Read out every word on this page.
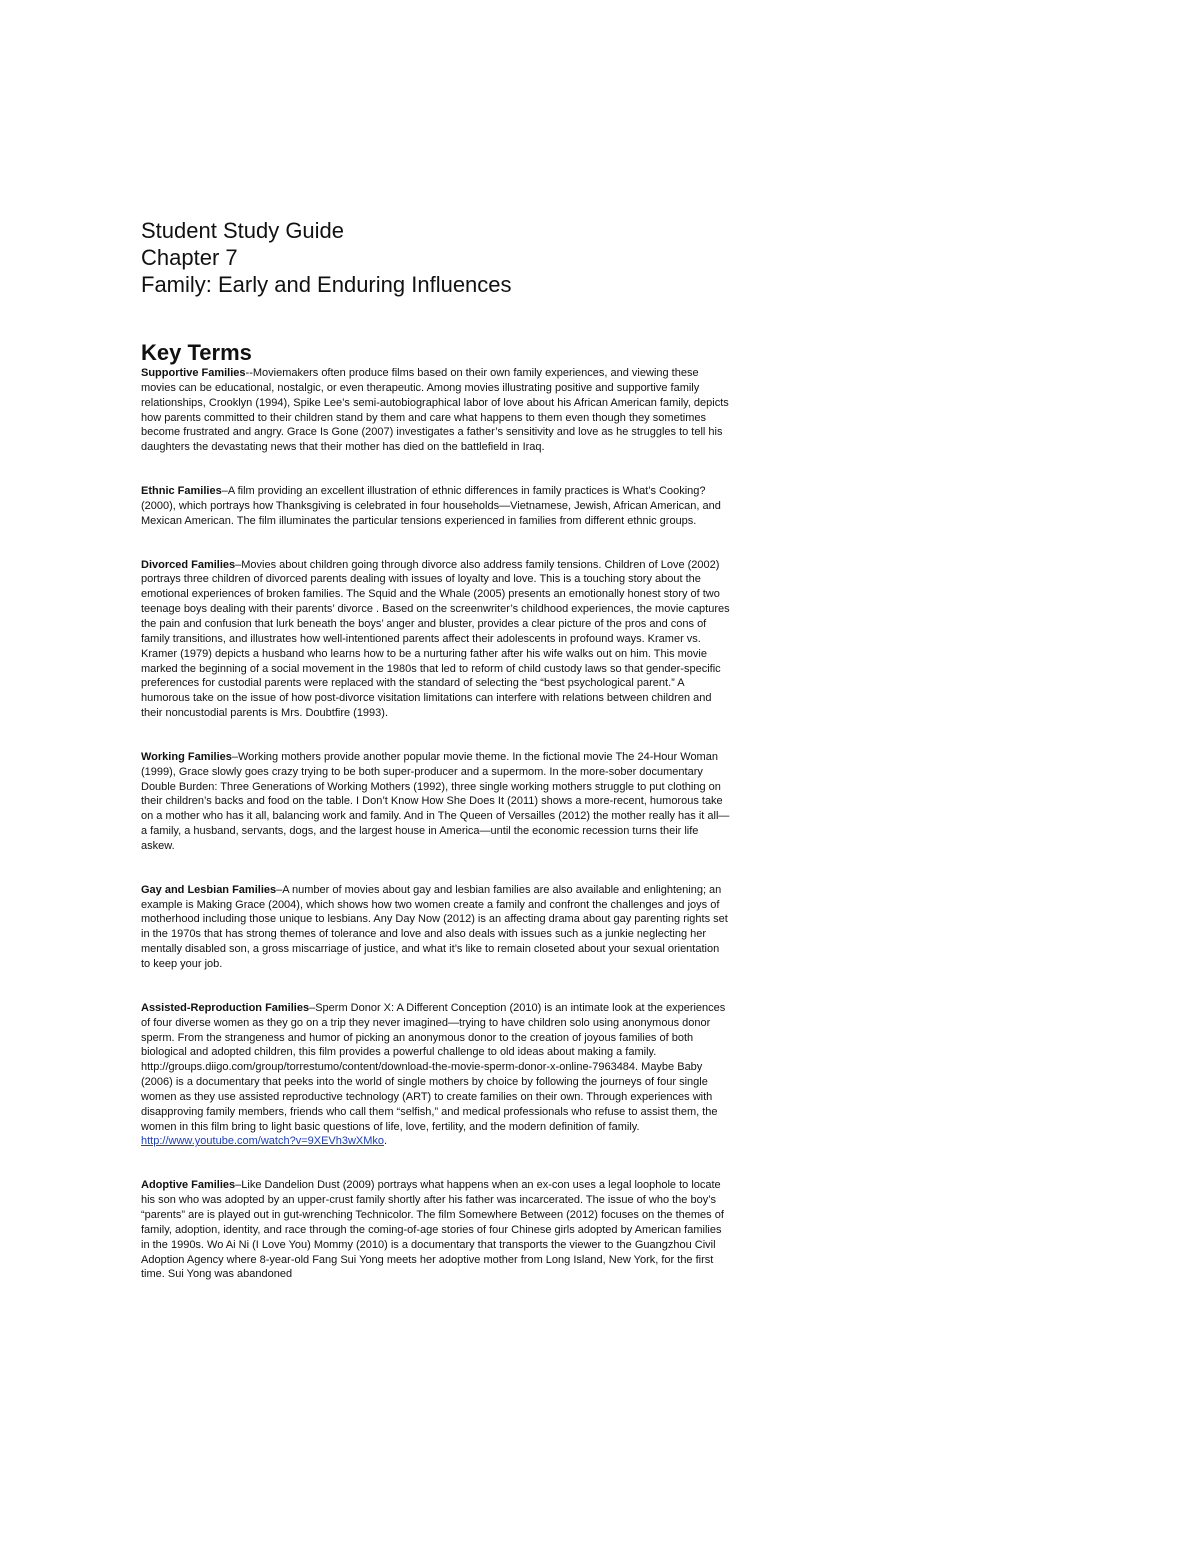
Student Study Guide

Chapter 7

Family: Early and Enduring Influences

Key Terms

Supportive Families--Moviemakers often produce films based on their own family experiences, and viewing these movies can be educational, nostalgic, or even therapeutic. Among movies illustrating positive and supportive family relationships, Crooklyn (1994), Spike Lee’s semi-autobiographical labor of love about his African American family, depicts how parents committed to their children stand by them and care what happens to them even though they sometimes become frustrated and angry. Grace Is Gone (2007) investigates a father’s sensitivity and love as he struggles to tell his daughters the devastating news that their mother has died on the battlefield in Iraq.

Ethnic Families–A film providing an excellent illustration of ethnic differences in family practices is What’s Cooking? (2000), which portrays how Thanksgiving is celebrated in four households—Vietnamese, Jewish, African American, and Mexican American. The film illuminates the particular tensions experienced in families from different ethnic groups.

Divorced Families–Movies about children going through divorce also address family tensions. Children of Love (2002) portrays three children of divorced parents dealing with issues of loyalty and love. This is a touching story about the emotional experiences of broken families. The Squid and the Whale (2005) presents an emotionally honest story of two teenage boys dealing with their parents’ divorce . Based on the screenwriter’s childhood experiences, the movie captures the pain and confusion that lurk beneath the boys’ anger and bluster, provides a clear picture of the pros and cons of family transitions, and illustrates how well-intentioned parents affect their adolescents in profound ways. Kramer vs. Kramer (1979) depicts a husband who learns how to be a nurturing father after his wife walks out on him. This movie marked the beginning of a social movement in the 1980s that led to reform of child custody laws so that gender-specific preferences for custodial parents were replaced with the standard of selecting the “best psychological parent.” A humorous take on the issue of how post-divorce visitation limitations can interfere with relations between children and their noncustodial parents is Mrs. Doubtfire (1993).

Working Families–Working mothers provide another popular movie theme. In the fictional movie The 24-Hour Woman (1999), Grace slowly goes crazy trying to be both super-producer and a supermom. In the more-sober documentary Double Burden: Three Generations of Working Mothers (1992), three single working mothers struggle to put clothing on their children’s backs and food on the table. I Don’t Know How She Does It (2011) shows a more-recent, humorous take on a mother who has it all, balancing work and family. And in The Queen of Versailles (2012) the mother really has it all—a family, a husband, servants, dogs, and the largest house in America—until the economic recession turns their life askew.

Gay and Lesbian Families–A number of movies about gay and lesbian families are also available and enlightening; an example is Making Grace (2004), which shows how two women create a family and confront the challenges and joys of motherhood including those unique to lesbians. Any Day Now (2012) is an affecting drama about gay parenting rights set in the 1970s that has strong themes of tolerance and love and also deals with issues such as a junkie neglecting her mentally disabled son, a gross miscarriage of justice, and what it’s like to remain closeted about your sexual orientation to keep your job.

Assisted-Reproduction Families–Sperm Donor X: A Different Conception (2010) is an intimate look at the experiences of four diverse women as they go on a trip they never imagined—trying to have children solo using anonymous donor sperm. From the strangeness and humor of picking an anonymous donor to the creation of joyous families of both biological and adopted children, this film provides a powerful challenge to old ideas about making a family. http://groups.diigo.com/group/torrestumo/content/download-the-movie-sperm-donor-x-online-7963484. Maybe Baby (2006) is a documentary that peeks into the world of single mothers by choice by following the journeys of four single women as they use assisted reproductive technology (ART) to create families on their own. Through experiences with disapproving family members, friends who call them “selfish,” and medical professionals who refuse to assist them, the women in this film bring to light basic questions of life, love, fertility, and the modern definition of family. http://www.youtube.com/watch?v=9XEVh3wXMko.

Adoptive Families–Like Dandelion Dust (2009) portrays what happens when an ex-con uses a legal loophole to locate his son who was adopted by an upper-crust family shortly after his father was incarcerated. The issue of who the boy’s “parents” are is played out in gut-wrenching Technicolor. The film Somewhere Between (2012) focuses on the themes of family, adoption, identity, and race through the coming-of-age stories of four Chinese girls adopted by American families in the 1990s. Wo Ai Ni (I Love You) Mommy (2010) is a documentary that transports the viewer to the Guangzhou Civil Adoption Agency where 8-year-old Fang Sui Yong meets her adoptive mother from Long Island, New York, for the first time. Sui Yong was abandoned
